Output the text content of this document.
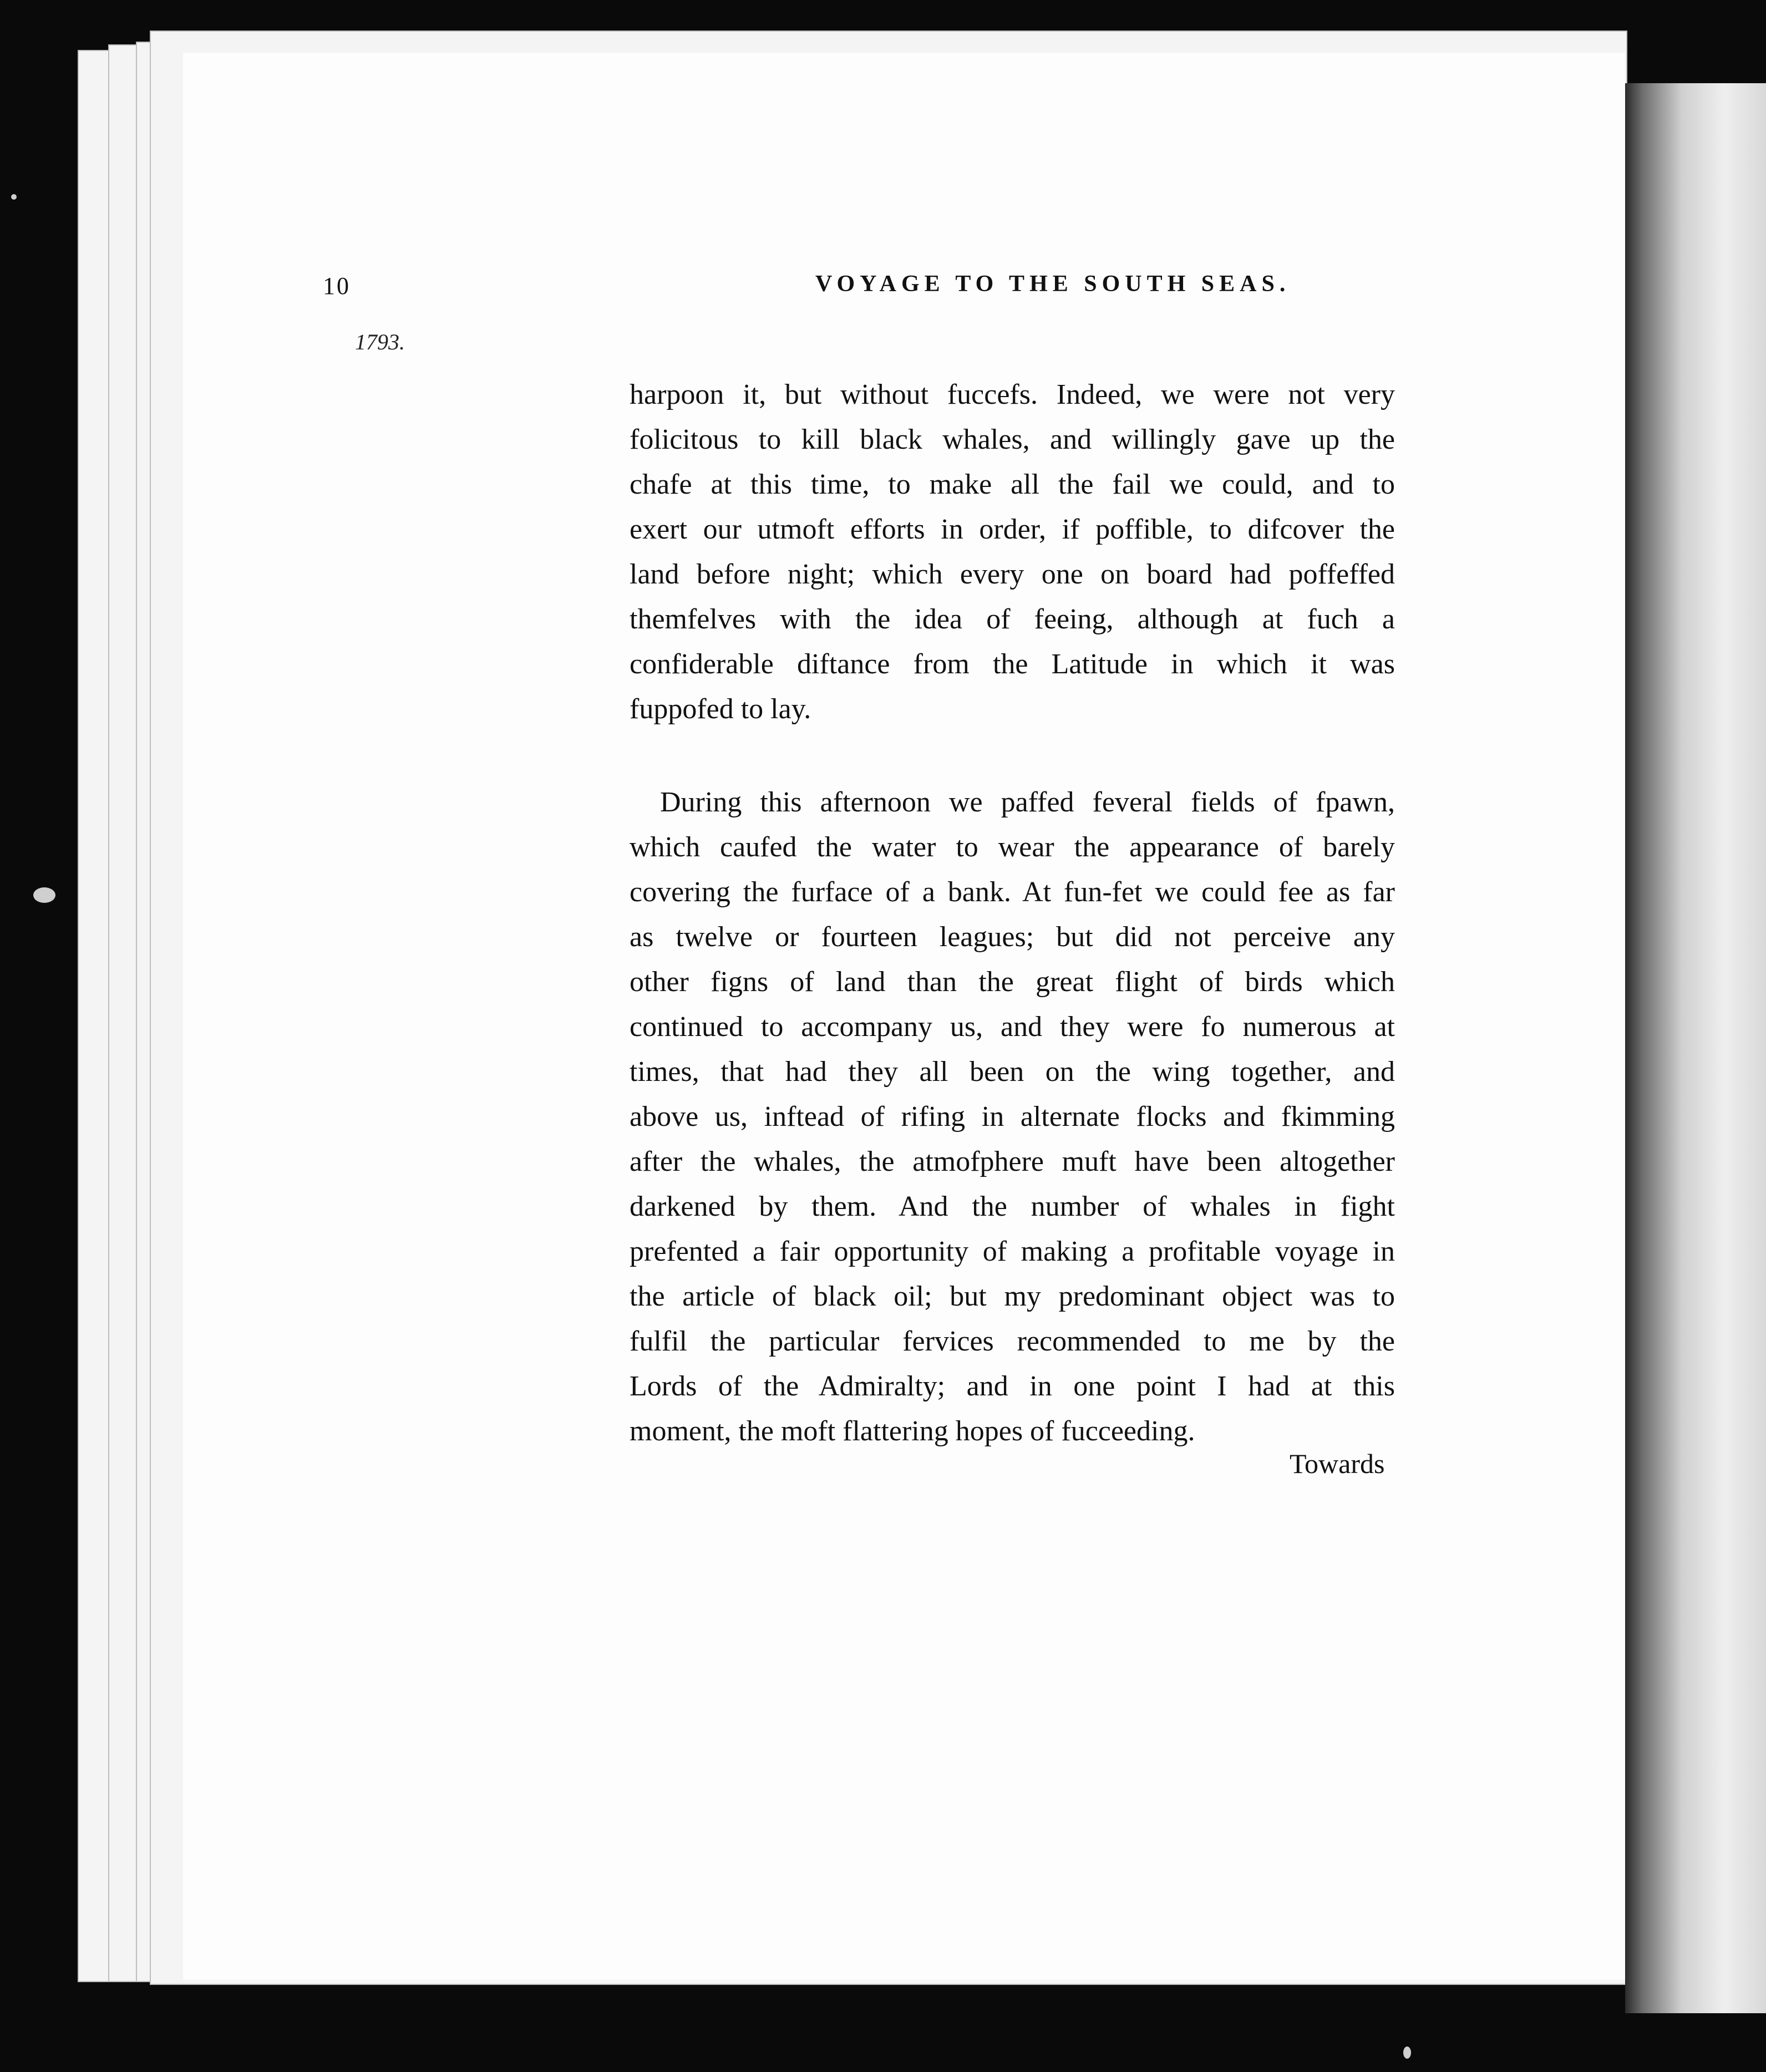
10	VOYAGE TO THE SOUTH SEAS.
1793.
harpoon it, but without fuccefs. Indeed, we were not very
folicitous to kill black whales, and willingly gave up the
chafe at this time, to make all the fail we could, and to
exert our utmoft efforts in order, if poffible, to difcover the
land before night; which every one on board had poffeffed
themfelves with the idea of feeing, although at fuch a
confiderable diftance from the Latitude in which it was
fuppofed to lay.
During this afternoon we paffed feveral fields of fpawn,
which caufed the water to wear the appearance of barely
covering the furface of a bank. At fun-fet we could fee as far
as twelve or fourteen leagues; but did not perceive any
other figns of land than the great flight of birds which
continued to accompany us, and they were fo numerous at
times, that had they all been on the wing together, and
above us, inftead of rifing in alternate flocks and fkimming
after the whales, the atmofphere muft have been altogether
darkened by them. And the number of whales in fight
prefented a fair opportunity of making a profitable voyage in
the article of black oil; but my predominant object was to
fulfil the particular fervices recommended to me by the
Lords of the Admiralty; and in one point I had at this
moment, the moft flattering hopes of fucceeding.
Towards
